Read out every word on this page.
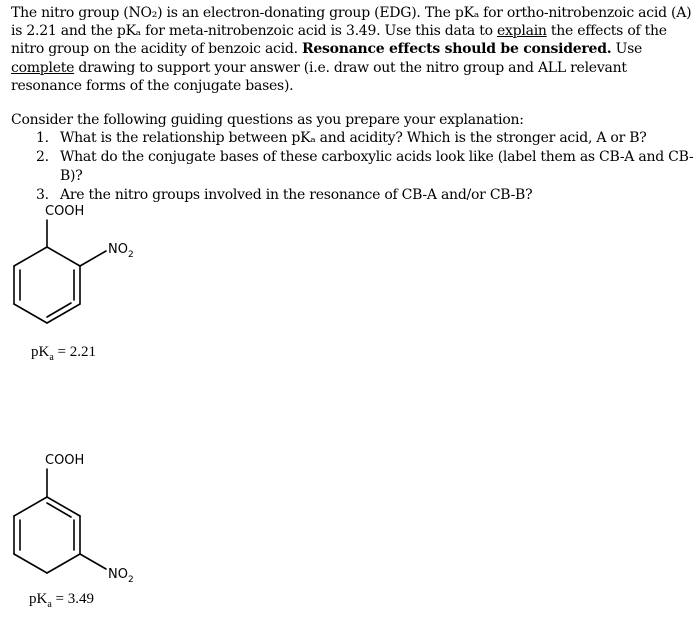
The nitro group (NO₂) is an electron-donating group (EDG). The pKₐ for ortho-nitrobenzoic acid (A) is 2.21 and the pKₐ for meta-nitrobenzoic acid is 3.49. Use this data to explain the effects of the nitro group on the acidity of benzoic acid. Resonance effects should be considered. Use complete drawing to support your answer (i.e. draw out the nitro group and ALL relevant resonance forms of the conjugate bases).
Consider the following guiding questions as you prepare your explanation:
1. What is the relationship between pKₐ and acidity? Which is the stronger acid, A or B?
2. What do the conjugate bases of these carboxylic acids look like (label them as CB-A and CB-B)?
3. Are the nitro groups involved in the resonance of CB-A and/or CB-B?
COOH
$NO_2$
$pK_a = 2.21$
COOH
$NO_2$
$pK_a = 3.49$
